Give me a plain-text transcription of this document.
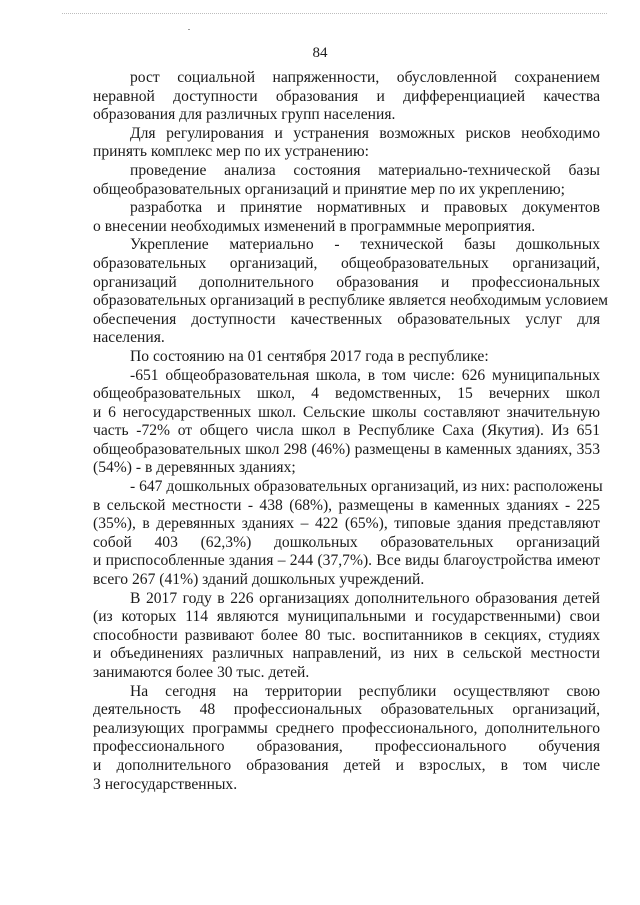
84

рост социальной напряженности, обусловленной сохранением

неравной доступности образования и дифференциацией качества

образования для различных групп населения.

Для регулирования и устранения возможных рисков необходимо

принять комплекс мер по их устранению:

проведение анализа состояния материально-технической базы

общеобразовательных организаций и принятие мер по их укреплению;

разработка и принятие нормативных и правовых документов

о внесении необходимых изменений в программные мероприятия.

Укрепление материально - технической базы дошкольных

образовательных организаций, общеобразовательных организаций,

организаций дополнительного образования и профессиональных

образовательных организаций в республике является необходимым условием

обеспечения доступности качественных образовательных услуг для

населения.

По состоянию на 01 сентября 2017 года в республике:

-651 общеобразовательная школа, в том числе: 626 муниципальных

общеобразовательных школ, 4 ведомственных, 15 вечерних школ

и 6 негосударственных школ. Сельские школы составляют значительную

часть -72% от общего числа школ в Республике Саха (Якутия). Из 651

общеобразовательных школ 298 (46%) размещены в каменных зданиях, 353

(54%) - в деревянных зданиях;

- 647 дошкольных образовательных организаций, из них: расположены

в сельской местности - 438 (68%), размещены в каменных зданиях - 225

(35%), в деревянных зданиях – 422 (65%), типовые здания представляют

собой 403 (62,3%) дошкольных образовательных организаций

и приспособленные здания – 244 (37,7%). Все виды благоустройства имеют

всего 267 (41%) зданий дошкольных учреждений.

В 2017 году в 226 организациях дополнительного образования детей

(из которых 114 являются муниципальными и государственными) свои

способности развивают более 80 тыс. воспитанников в секциях, студиях

и объединениях различных направлений, из них в сельской местности

занимаются более 30 тыс. детей.

На сегодня на территории республики осуществляют свою

деятельность 48 профессиональных образовательных организаций,

реализующих программы среднего профессионального, дополнительного

профессионального образования, профессионального обучения

и дополнительного образования детей и взрослых, в том числе

3 негосударственных.
